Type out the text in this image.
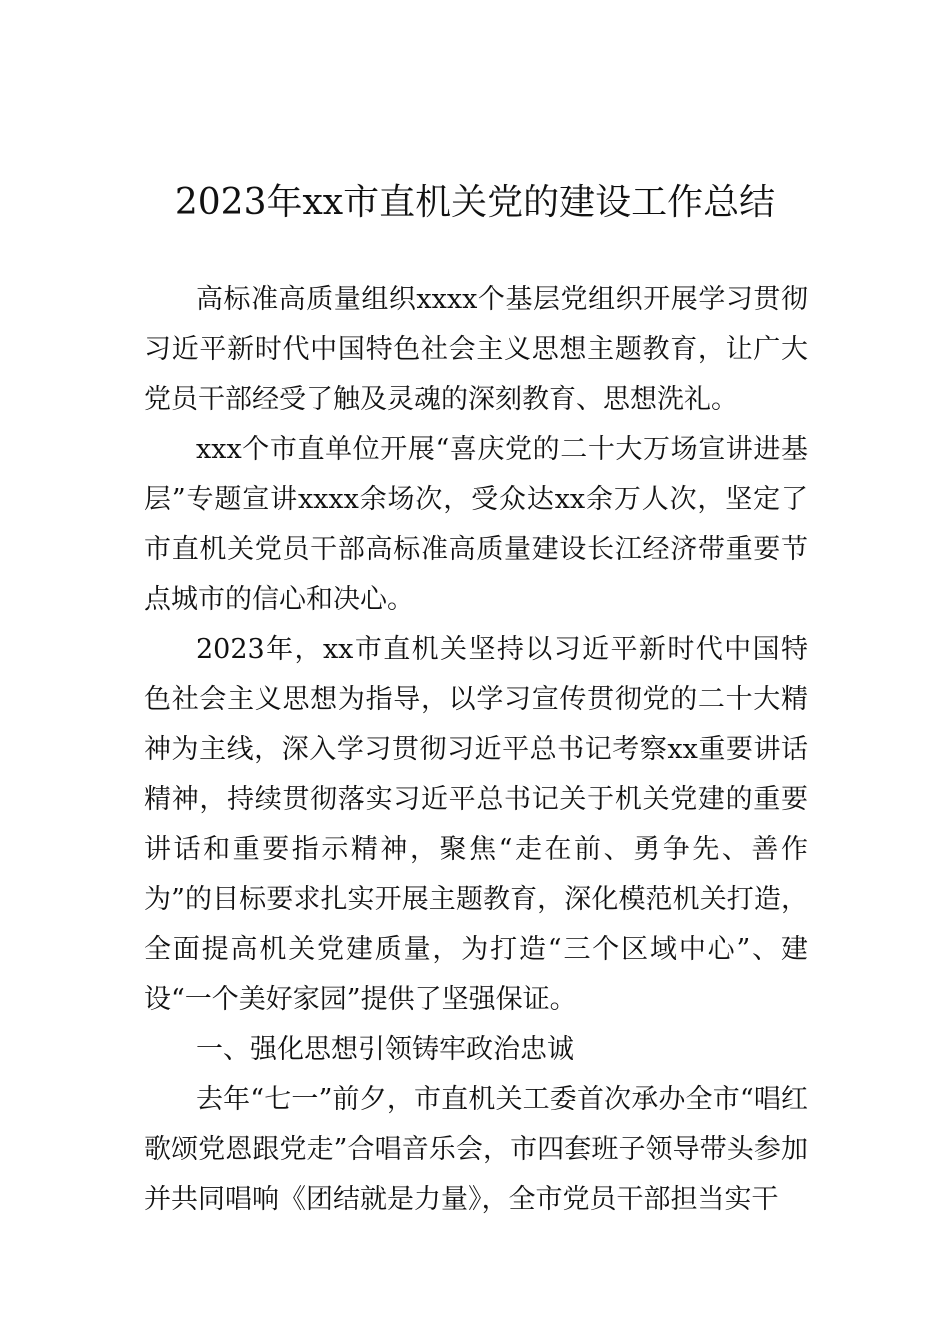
2023年xx市直机关党的建设工作总结

高标准高质量组织xxxx个基层党组织开展学习贯彻习近平新时代中国特色社会主义思想主题教育，让广大党员干部经受了触及灵魂的深刻教育、思想洗礼。

xxx个市直单位开展“喜庆党的二十大万场宣讲进基层”专题宣讲xxxx余场次，受众达xx余万人次，坚定了市直机关党员干部高标准高质量建设长江经济带重要节点城市的信心和决心。

2023年，xx市直机关坚持以习近平新时代中国特色社会主义思想为指导，以学习宣传贯彻党的二十大精神为主线，深入学习贯彻习近平总书记考察xx重要讲话精神，持续贯彻落实习近平总书记关于机关党建的重要讲话和重要指示精神，聚焦“走在前、勇争先、善作为”的目标要求扎实开展主题教育，深化模范机关打造，全面提高机关党建质量，为打造“三个区域中心”、建设“一个美好家园”提供了坚强保证。

一、强化思想引领铸牢政治忠诚

去年“七一”前夕，市直机关工委首次承办全市“唱红歌颂党恩跟党走”合唱音乐会，市四套班子领导带头参加并共同唱响《团结就是力量》，全市党员干部担当实干
